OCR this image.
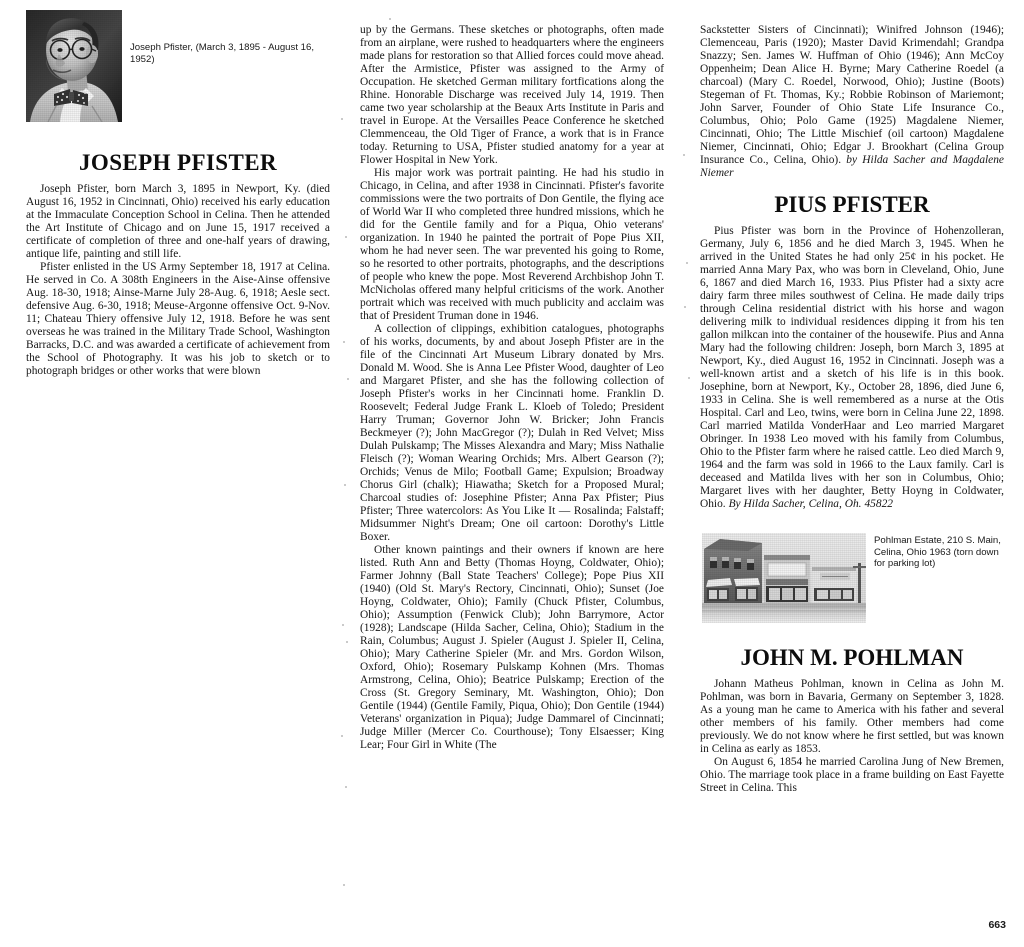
Joseph Pfister, (March 3, 1895 - August 16, 1952)
JOSEPH PFISTER

Joseph Pfister, born March 3, 1895 in Newport, Ky. (died August 16, 1952 in Cincinnati, Ohio) received his early education at the Immaculate Conception School in Celina. Then he attended the Art Institute of Chicago and on June 15, 1917 received a certificate of completion of three and one-half years of drawing, antique life, painting and still life.

Pfister enlisted in the US Army September 18, 1917 at Celina. He served in Co. A 308th Engineers in the Aise-Ainse offensive Aug. 18-30, 1918; Ainse-Marne July 28-Aug. 6, 1918; Aesle sect. defensive Aug. 6-30, 1918; Meuse-Argonne offensive Oct. 9-Nov. 11; Chateau Thiery offensive July 12, 1918. Before he was sent overseas he was trained in the Military Trade School, Washington Barracks, D.C. and was awarded a certificate of achievement from the School of Photography. It was his job to sketch or to photograph bridges or other works that were blown

up by the Germans. These sketches or photographs, often made from an airplane, were rushed to headquarters where the engineers made plans for restoration so that Allied forces could move ahead. After the Armistice, Pfister was assigned to the Army of Occupation. He sketched German military fortfications along the Rhine. Honorable Discharge was received July 14, 1919. Then came two year scholarship at the Beaux Arts Institute in Paris and travel in Europe. At the Versailles Peace Conference he sketched Clemmenceau, the Old Tiger of France, a work that is in France today. Returning to USA, Pfister studied anatomy for a year at Flower Hospital in New York.

His major work was portrait painting. He had his studio in Chicago, in Celina, and after 1938 in Cincinnati. Pfister's favorite commissions were the two portraits of Don Gentile, the flying ace of World War II who completed three hundred missions, which he did for the Gentile family and for a Piqua, Ohio veterans' organization. In 1940 he painted the portrait of Pope Pius XII, whom he had never seen. The war prevented his going to Rome, so he resorted to other portraits, photographs, and the descriptions of people who knew the pope. Most Reverend Archbishop John T. McNicholas offered many helpful criticisms of the work. Another portrait which was received with much publicity and acclaim was that of President Truman done in 1946.

A collection of clippings, exhibition catalogues, photographs of his works, documents, by and about Joseph Pfister are in the file of the Cincinnati Art Museum Library donated by Mrs. Donald M. Wood. She is Anna Lee Pfister Wood, daughter of Leo and Margaret Pfister, and she has the following collection of Joseph Pfister's works in her Cincinnati home. Franklin D. Roosevelt; Federal Judge Frank L. Kloeb of Toledo; President Harry Truman; Governor John W. Bricker; John Francis Beckmeyer (?); John MacGregor (?); Dulah in Red Velvet; Miss Dulah Pulskamp; The Misses Alexandra and Mary; Miss Nathalie Fleisch (?); Woman Wearing Orchids; Mrs. Albert Gearson (?); Orchids; Venus de Milo; Football Game; Expulsion; Broadway Chorus Girl (chalk); Hiawatha; Sketch for a Proposed Mural; Charcoal studies of: Josephine Pfister; Anna Pax Pfister; Pius Pfister; Three watercolors: As You Like It — Rosalinda; Falstaff; Midsummer Night's Dream; One oil cartoon: Dorothy's Little Boxer.

Other known paintings and their owners if known are here listed. Ruth Ann and Betty (Thomas Hoyng, Coldwater, Ohio); Farmer Johnny (Ball State Teachers' College); Pope Pius XII (1940) (Old St. Mary's Rectory, Cincinnati, Ohio); Sunset (Joe Hoyng, Coldwater, Ohio); Family (Chuck Pfister, Columbus, Ohio); Assumption (Fenwick Club); John Barrymore, Actor (1928); Landscape (Hilda Sacher, Celina, Ohio); Stadium in the Rain, Columbus; August J. Spieler (August J. Spieler II, Celina, Ohio); Mary Catherine Spieler (Mr. and Mrs. Gordon Wilson, Oxford, Ohio); Rosemary Pulskamp Kohnen (Mrs. Thomas Armstrong, Celina, Ohio); Beatrice Pulskamp; Erection of the Cross (St. Gregory Seminary, Mt. Washington, Ohio); Don Gentile (1944) (Gentile Family, Piqua, Ohio); Don Gentile (1944) Veterans' organization in Piqua); Judge Dammarel of Cincinnati; Judge Miller (Mercer Co. Courthouse); Tony Elsaesser; King Lear; Four Girl in White (The

Sackstetter Sisters of Cincinnati); Winifred Johnson (1946); Clemenceau, Paris (1920); Master David Krimendahl; Grandpa Snazzy; Sen. James W. Huffman of Ohio (1946); Ann McCoy Oppenheim; Dean Alice H. Byrne; Mary Catherine Roedel (a charcoal) (Mary C. Roedel, Norwood, Ohio); Justine (Boots) Stegeman of Ft. Thomas, Ky.; Robbie Robinson of Mariemont; John Sarver, Founder of Ohio State Life Insurance Co., Columbus, Ohio; Polo Game (1925) Magdalene Niemer, Cincinnati, Ohio; The Little Mischief (oil cartoon) Magdalene Niemer, Cincinnati, Ohio; Edgar J. Brookhart (Celina Group Insurance Co., Celina, Ohio). by Hilda Sacher and Magdalene Niemer

PIUS PFISTER

Pius Pfister was born in the Province of Hohenzolleran, Germany, July 6, 1856 and he died March 3, 1945. When he arrived in the United States he had only 25¢ in his pocket. He married Anna Mary Pax, who was born in Cleveland, Ohio, June 6, 1867 and died March 16, 1933. Pius Pfister had a sixty acre dairy farm three miles southwest of Celina. He made daily trips through Celina residential district with his horse and wagon delivering milk to individual residences dipping it from his ten gallon milkcan into the container of the housewife. Pius and Anna Mary had the following children: Joseph, born March 3, 1895 at Newport, Ky., died August 16, 1952 in Cincinnati. Joseph was a well-known artist and a sketch of his life is in this book. Josephine, born at Newport, Ky., October 28, 1896, died June 6, 1933 in Celina. She is well remembered as a nurse at the Otis Hospital. Carl and Leo, twins, were born in Celina June 22, 1898. Carl married Matilda VonderHaar and Leo married Margaret Obringer. In 1938 Leo moved with his family from Columbus, Ohio to the Pfister farm where he raised cattle. Leo died March 9, 1964 and the farm was sold in 1966 to the Laux family. Carl is deceased and Matilda lives with her son in Columbus, Ohio; Margaret lives with her daughter, Betty Hoyng in Coldwater, Ohio. By Hilda Sacher, Celina, Oh. 45822

Pohlman Estate, 210 S. Main, Celina, Ohio 1963 (torn down for parking lot)
JOHN M. POHLMAN

Johann Matheus Pohlman, known in Celina as John M. Pohlman, was born in Bavaria, Germany on September 3, 1828. As a young man he came to America with his father and several other members of his family. Other members had come previously. We do not know where he first settled, but was known in Celina as early as 1853.

On August 6, 1854 he married Carolina Jung of New Bremen, Ohio. The marriage took place in a frame building on East Fayette Street in Celina. This

663
